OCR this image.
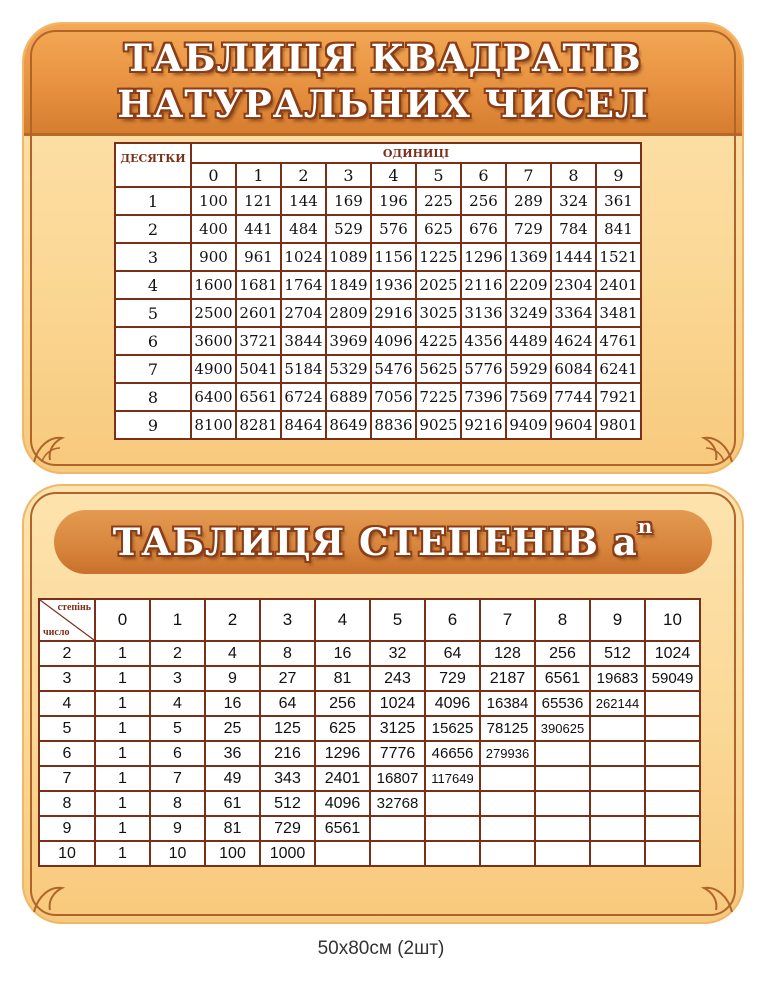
ТАБЛИЦЯ КВАДРАТІВ
НАТУРАЛЬНИХ ЧИСЕЛ
ДЕСЯТКИ	ОДИНИЦІ									
	0	1	2	3	4	5	6	7	8	9
1	100	121	144	169	196	225	256	289	324	361
2	400	441	484	529	576	625	676	729	784	841
3	900	961	1024	1089	1156	1225	1296	1369	1444	1521
4	1600	1681	1764	1849	1936	2025	2116	2209	2304	2401
5	2500	2601	2704	2809	2916	3025	3136	3249	3364	3481
6	3600	3721	3844	3969	4096	4225	4356	4489	4624	4761
7	4900	5041	5184	5329	5476	5625	5776	5929	6084	6241
8	6400	6561	6724	6889	7056	7225	7396	7569	7744	7921
9	8100	8281	8464	8649	8836	9025	9216	9409	9604	9801
ТАБЛИЦЯ СТЕПЕНІВ $a^n$
степінь
число	0	1	2	3	4	5	6	7	8	9	10
2	1	2	4	8	16	32	64	128	256	512	1024
3	1	3	9	27	81	243	729	2187	6561	19683	59049
4	1	4	16	64	256	1024	4096	16384	65536	262144	
5	1	5	25	125	625	3125	15625	78125	390625		
6	1	6	36	216	1296	7776	46656	279936			
7	1	7	49	343	2401	16807	117649				
8	1	8	61	512	4096	32768					
9	1	9	81	729	6561						
10	1	10	100	1000							
50x80см (2шт)
